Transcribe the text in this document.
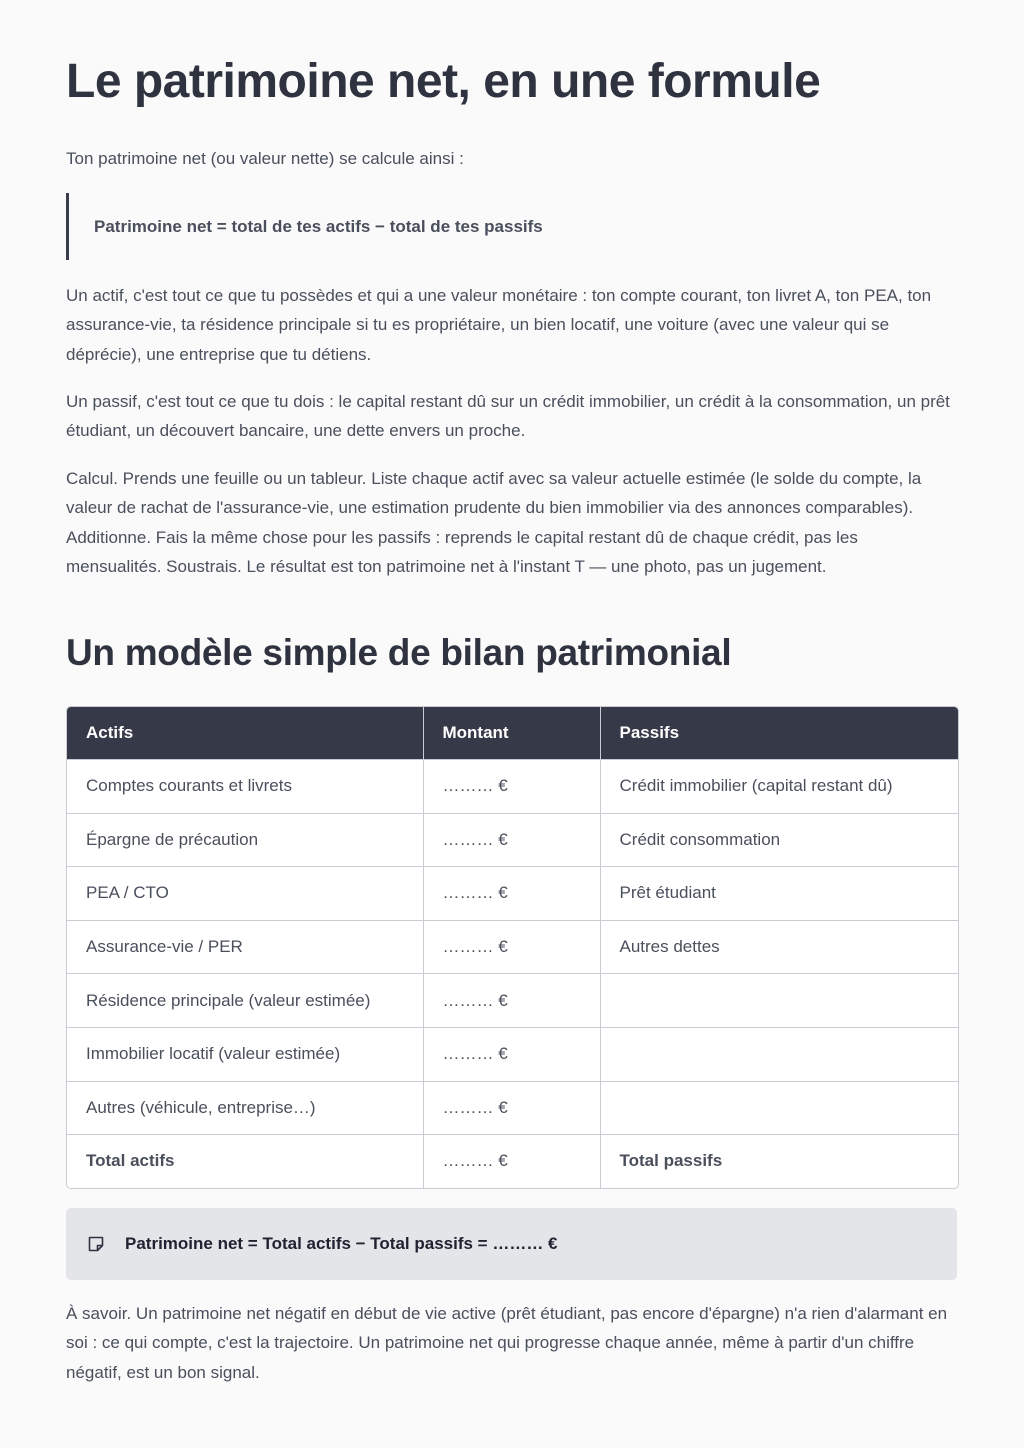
Le patrimoine net, en une formule

Ton patrimoine net (ou valeur nette) se calcule ainsi :

Patrimoine net = total de tes actifs − total de tes passifs

Un actif, c'est tout ce que tu possèdes et qui a une valeur monétaire : ton compte courant, ton livret A, ton PEA, ton assurance-vie, ta résidence principale si tu es propriétaire, un bien locatif, une voiture (avec une valeur qui se déprécie), une entreprise que tu détiens.

Un passif, c'est tout ce que tu dois : le capital restant dû sur un crédit immobilier, un crédit à la consommation, un prêt étudiant, un découvert bancaire, une dette envers un proche.

Calcul. Prends une feuille ou un tableur. Liste chaque actif avec sa valeur actuelle estimée (le solde du compte, la valeur de rachat de l'assurance-vie, une estimation prudente du bien immobilier via des annonces comparables). Additionne. Fais la même chose pour les passifs : reprends le capital restant dû de chaque crédit, pas les mensualités. Soustrais. Le résultat est ton patrimoine net à l'instant T — une photo, pas un jugement.

Un modèle simple de bilan patrimonial
Actifs	Montant	Passifs
Comptes courants et livrets	……… €	Crédit immobilier (capital restant dû)
Épargne de précaution	……… €	Crédit consommation
PEA / CTO	……… €	Prêt étudiant
Assurance-vie / PER	……… €	Autres dettes
Résidence principale (valeur estimée)	……… €	
Immobilier locatif (valeur estimée)	……… €	
Autres (véhicule, entreprise…)	……… €	
Total actifs	……… €	Total passifs
Patrimoine net = Total actifs − Total passifs = ……… €

À savoir. Un patrimoine net négatif en début de vie active (prêt étudiant, pas encore d'épargne) n'a rien d'alarmant en soi : ce qui compte, c'est la trajectoire. Un patrimoine net qui progresse chaque année, même à partir d'un chiffre négatif, est un bon signal.
